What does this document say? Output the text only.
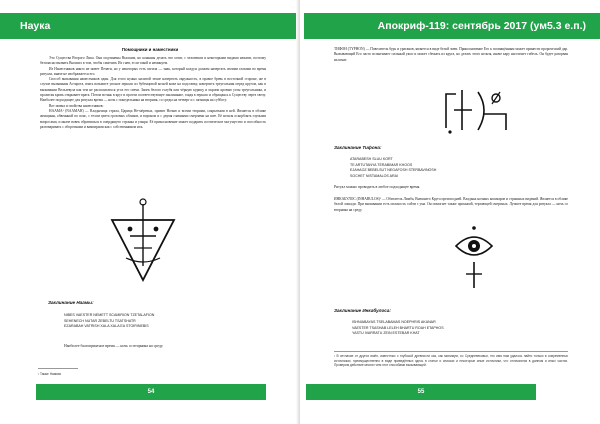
Наука
Помощники и наместники

Это Существа Второго Лика. Они подчинены Высшим, но коньяны делать что хотят, с человеком и некоторыми видами нежити, поэтому безопасно вызвать Высших в том, чтобы смягчить Их гнев, если такой и неминуем.

Из Наместников никто не имеет Печати, но у некоторых есть сигила — знак, который колдун должен начертать своими глазами во время ритуала, иначе не изображается его.

Способ вызывания наместников один. Для этого нужно налитой земле начертить окружность, в правое бревь в восточной стороне, же в случае вызывания Астарота, взять возьмите упоное зеркало из бубенцовой козьей коже на подставку, начертить треугольник перед кругом, как в вызывании Вельзевула как тем не располагаться угол его свечи. Запек белого голубя или чёрную курицу и окропи кровью углы треугольника, и пролитая кровь открывает врата. Потом встань в круг и прочти соответствующее заклинание, глядя в зеркало и обращаясь к Существу через свечу. Наиболее подходящее для ритуала время — ночь с понедельника на вторник, со среды на четверг и с пятницы на субботу.

Вот имена и свойства наместников:

НААМА¹ (NAAMAH) — Владычица страха, Царица Не-мёртвых, правит Ночью и всеми теорями, сокрытыми в ней. Является в облике женщины, обвеянной по пояс, с телом цвета грозовых облаков, и вороном и с двумя главными смерчами на шее. Её нельзя оскорблять глупыми вопросами, и иначе вовек обратишься в смердящего странка и упыря. Её прикосновение может подарить поэтическое могущество и способность разговаривать с оборотнями и вампирами как с собственником ихъ.

Заклинание Наамы:
NIBES VAESTER NEMETT SCAMIRION TZETALAFION
SEHENECH NUTAR ZEBELTU TSATSHATR
EZARABAH VATRISH XALA XALA EA STOIRINEBIS
Наиболее благоприятное время — ночь со вторника на среду.
¹ Также Наамах
54
Апокриф-119: сентябрь 2017 (ум5.3 е.п.)

ТИФОН (TYPHON) — Повелитель бурь и ураганов, является в виде белой змеи. Прикосновение Его к посвящённым может принести пророческий дар. Вызывающий Его часто испытывает сильный ужас и может сбежать из круга, но делать этого нельзя, иначе кару настигнет гибель. Он будет разорван на шмат.

Заклинание Тифона:
ATARABESH SLUU KORT
TE ARTUTANYA TERABIMAR KHOOS
EJAHAOZ BEBELSUT NEGAFOSH STERBAVINOSH
SOCHET NISTAMALOS ARAI
Ритуал можно проводить в любое подходящее время.

ИНКАБУЛОС (INHABULOS)¹ — Обитатель Лимба, Внешнего Круга преисподней. Владыка ночных кошмаров и страшных видений. Является в облике белой лошади. При вызывании есть опасность сойти с ума. Он помогает также прокажой, терзающей смертных. Лучшее время для ритуала — ночь со вторника на среду.

Заклинание Инкабулоса:
ISHNIABAYAS TSELABAMAS NOEPHRIS AKANAR
VAESTER TSASHAB LELEH BHARTU ROAH ETAPHOS
YASTU IVARRATU ZEIN ESTEBAR KHAT
¹ В сетлачие от других имён, известных с глубокой древности как, как минимум, со Средневековья, это имя нам удалось найти только в современных источниках, преимущественно в виде приведённых здесь в статье и списках и некоторые иные источники, что отличаются в данном и иных частях. Проверим действие многих чем этот способами вызывающей.
55
